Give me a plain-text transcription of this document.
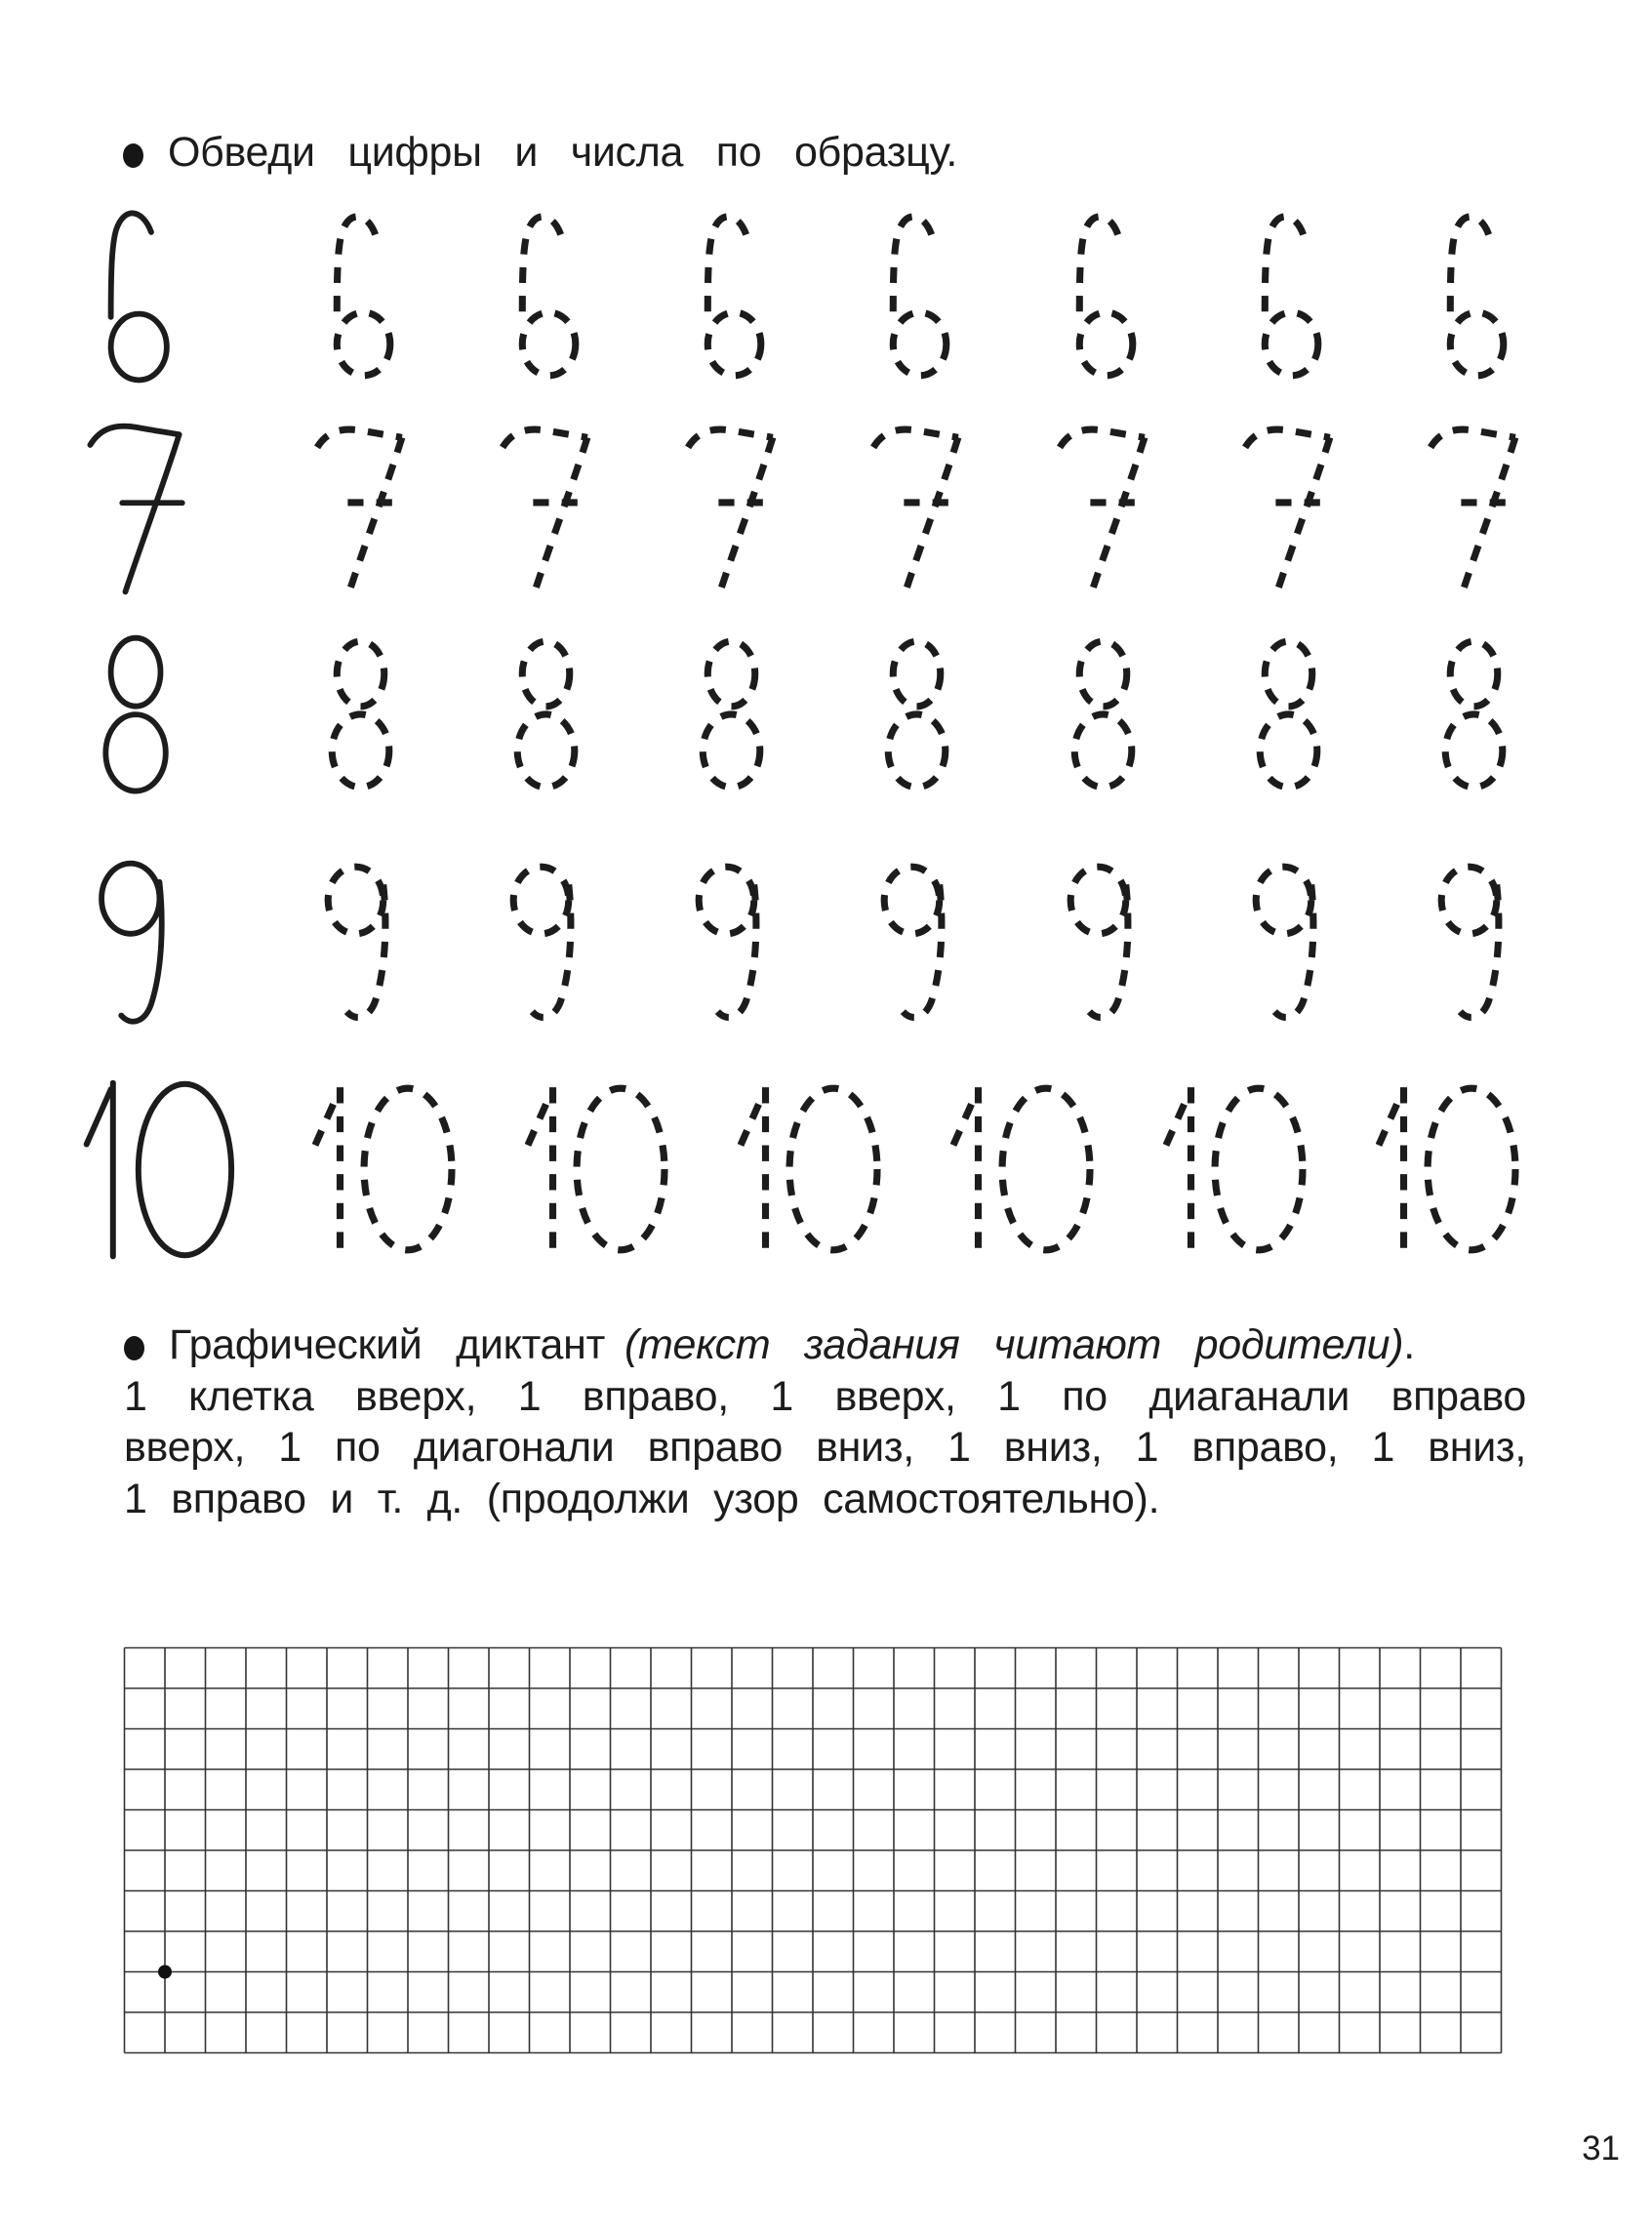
Обведи цифры и числа по образцу.
Графический диктант (текст задания читают родители).
1 клетка вверх, 1 вправо, 1 вверх, 1 по диаганали вправо
вверх, 1 по диагонали вправо вниз, 1 вниз, 1 вправо, 1 вниз,
1 вправо и т. д. (продолжи узор самостоятельно).
31
